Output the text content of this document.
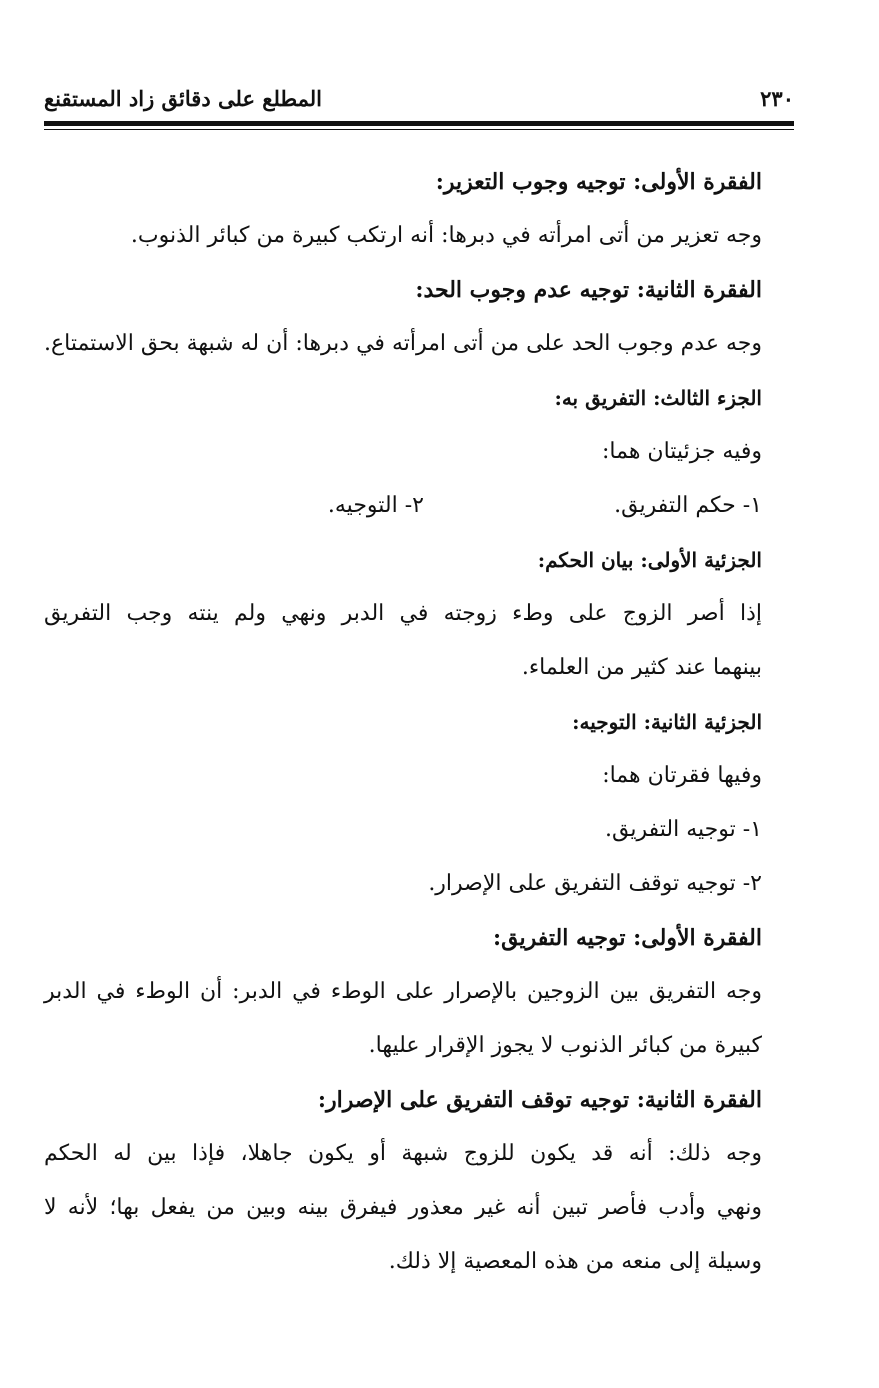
٢٣٠
المطلع على دقائق زاد المستقنع
الفقرة الأولى: توجيه وجوب التعزير:
وجه تعزير من أتى امرأته في دبرها: أنه ارتكب كبيرة من كبائر الذنوب.
الفقرة الثانية: توجيه عدم وجوب الحد:
وجه عدم وجوب الحد على من أتى امرأته في دبرها: أن له شبهة بحق الاستمتاع.
الجزء الثالث: التفريق به:
وفيه جزئيتان هما:
١- حكم التفريق.
٢- التوجيه.
الجزئية الأولى: بيان الحكم:
إذا أصر الزوج على وطء زوجته في الدبر ونهي ولم ينته وجب التفريق
بينهما عند كثير من العلماء.
الجزئية الثانية: التوجيه:
وفيها فقرتان هما:
١- توجيه التفريق.
٢- توجيه توقف التفريق على الإصرار.
الفقرة الأولى: توجيه التفريق:
وجه التفريق بين الزوجين بالإصرار على الوطء في الدبر: أن الوطء في الدبر
كبيرة من كبائر الذنوب لا يجوز الإقرار عليها.
الفقرة الثانية: توجيه توقف التفريق على الإصرار:
وجه ذلك: أنه قد يكون للزوج شبهة أو يكون جاهلا، فإذا بين له الحكم
ونهي وأدب فأصر تبين أنه غير معذور فيفرق بينه وبين من يفعل بها؛ لأنه لا
وسيلة إلى منعه من هذه المعصية إلا ذلك.
